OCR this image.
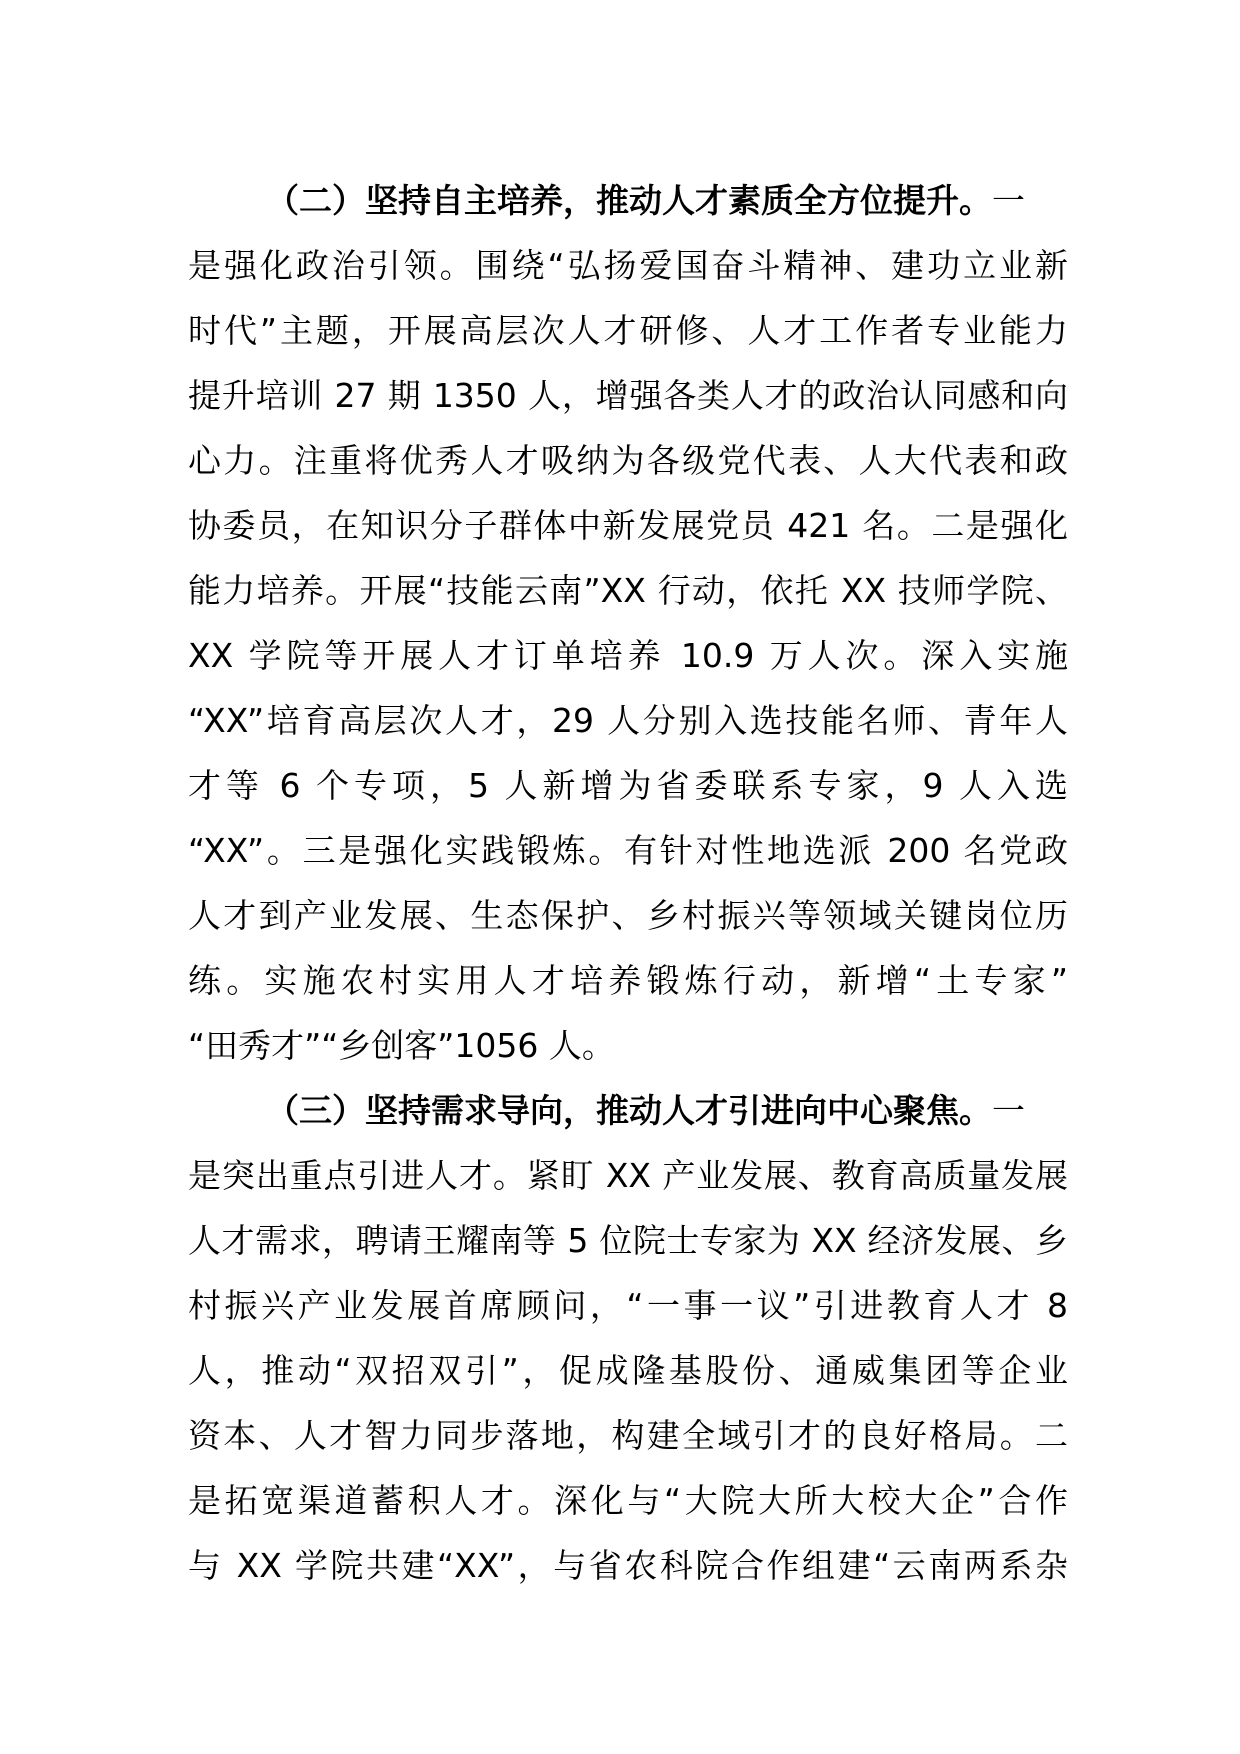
（二）坚持自主培养，推动人才素质全方位提升。一
是强化政治引领。围绕“弘扬爱国奋斗精神、建功立业新
时代”主题，开展高层次人才研修、人才工作者专业能力
提升培训 27 期 1350 人，增强各类人才的政治认同感和向
心力。注重将优秀人才吸纳为各级党代表、人大代表和政
协委员，在知识分子群体中新发展党员 421 名。二是强化
能力培养。开展“技能云南”XX 行动，依托 XX 技师学院、
XX 学院等开展人才订单培养 10.9 万人次。深入实施
“XX”培育高层次人才，29 人分别入选技能名师、青年人
才等 6 个专项，5 人新增为省委联系专家，9 人入选
“XX”。三是强化实践锻炼。有针对性地选派 200 名党政
人才到产业发展、生态保护、乡村振兴等领域关键岗位历
练。实施农村实用人才培养锻炼行动，新增“土专家”
“田秀才”“乡创客”1056 人。
（三）坚持需求导向，推动人才引进向中心聚焦。一
是突出重点引进人才。紧盯 XX 产业发展、教育高质量发展
人才需求，聘请王耀南等 5 位院士专家为 XX 经济发展、乡
村振兴产业发展首席顾问，“一事一议”引进教育人才 8
人，推动“双招双引”，促成隆基股份、通威集团等企业
资本、人才智力同步落地，构建全域引才的良好格局。二
是拓宽渠道蓄积人才。深化与“大院大所大校大企”合作
与 XX 学院共建“XX”，与省农科院合作组建“云南两系杂
